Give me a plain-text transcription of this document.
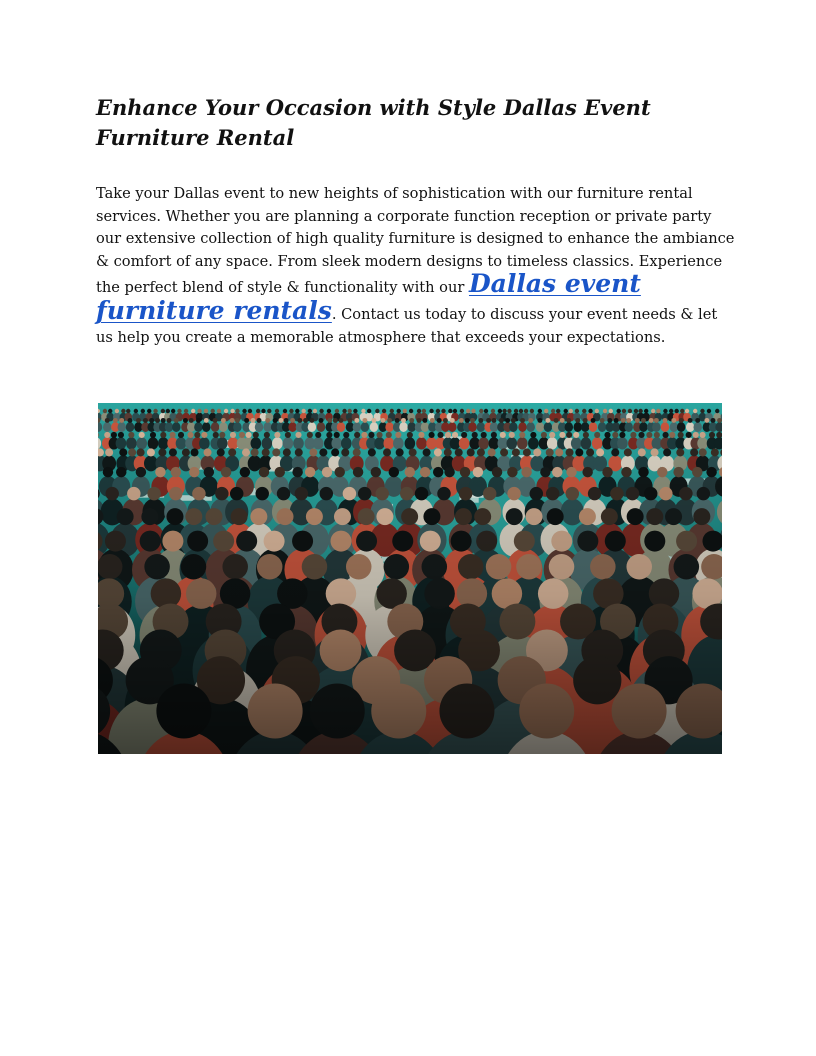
Enhance Your Occasion with Style Dallas Event Furniture Rental

Take your Dallas event to new heights of sophistication with our furniture rental services. Whether you are planning a corporate function reception or private party our extensive collection of high quality furniture is designed to enhance the ambiance & comfort of any space. From sleek modern designs to timeless classics. Experience the perfect blend of style & functionality with our Dallas event furniture rentals. Contact us today to discuss your event needs & let us help you create a memorable atmosphere that exceeds your expectations.
